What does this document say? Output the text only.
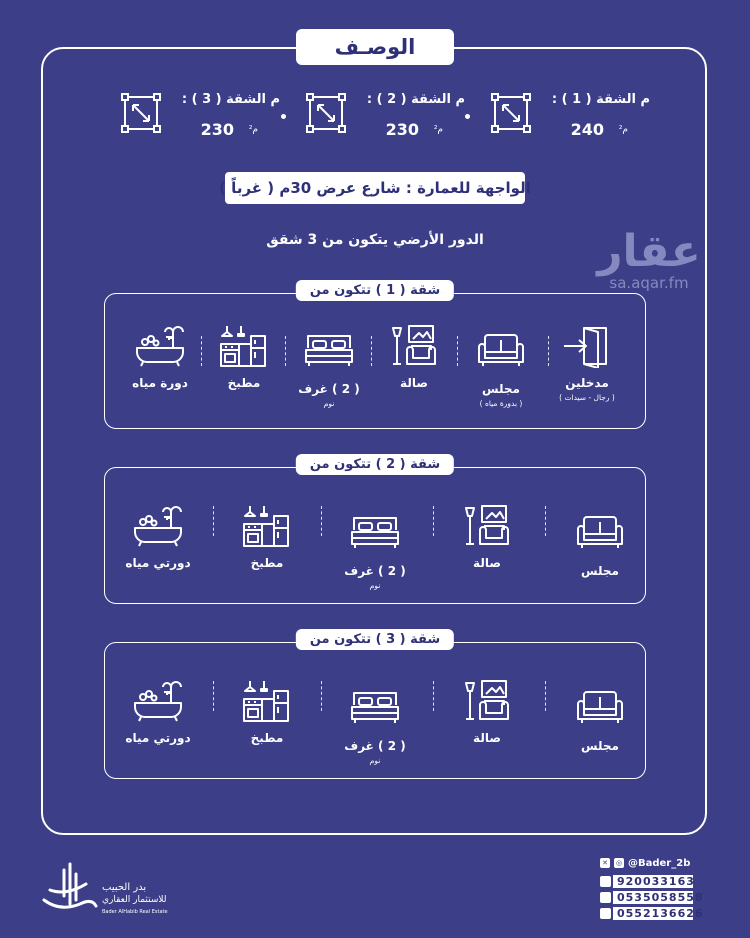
الوصـف
م الشقة ( 1 ) :
240 م²
م الشقة ( 2 ) :
230 م²
م الشقة ( 3 ) :
230 م²
الواجهة للعمارة : شارع عرض 30م ( غرباً )
الدور الأرضي يتكون من 3 شقق	عقار
sa.aqar.fm
شقة ( 1 ) تتكون من
مدخلين
( رجال - سيدات )
مجلس
( بدورة مياه )
صالة
( 2 ) غرف
نوم
مطبخ
دورة مياه
شقة ( 2 ) تتكون من
مجلس
صالة
( 2 ) غرف
نوم
مطبخ
دورتي مياه
شقة ( 3 ) تتكون من
مجلس
صالة
( 2 ) غرف
نوم
مطبخ
دورتي مياه
بدر الحبيب
للاستثمار العقاري
Bader AlHabib Real Estate
✕ ◎ @Bader_2b
920033163
0535058558
0552136626
